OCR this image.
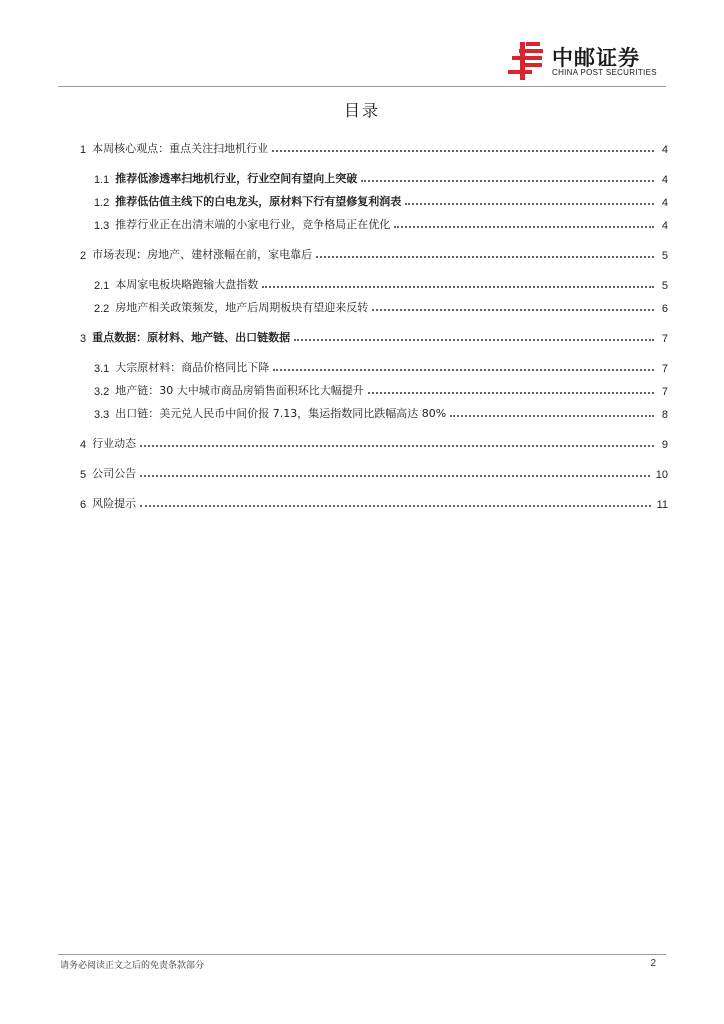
中邮证券
CHINA POST SECURITIES
目录
1 本周核心观点：重点关注扫地机行业	4
1.1 推荐低渗透率扫地机行业，行业空间有望向上突破	4
1.2 推荐低估值主线下的白电龙头，原材料下行有望修复利润表	4
1.3 推荐行业正在出清末端的小家电行业，竞争格局正在优化	4
2 市场表现：房地产、建材涨幅在前，家电靠后	5
2.1 本周家电板块略跑输大盘指数	5
2.2 房地产相关政策频发，地产后周期板块有望迎来反转	6
3 重点数据：原材料、地产链、出口链数据	7
3.1 大宗原材料：商品价格同比下降	7
3.2 地产链：30 大中城市商品房销售面积环比大幅提升	7
3.3 出口链：美元兑人民币中间价报 7.13，集运指数同比跌幅高达 80%	8
4 行业动态	9
5 公司公告	10
6 风险提示	11
请务必阅读正文之后的免责条款部分	2
